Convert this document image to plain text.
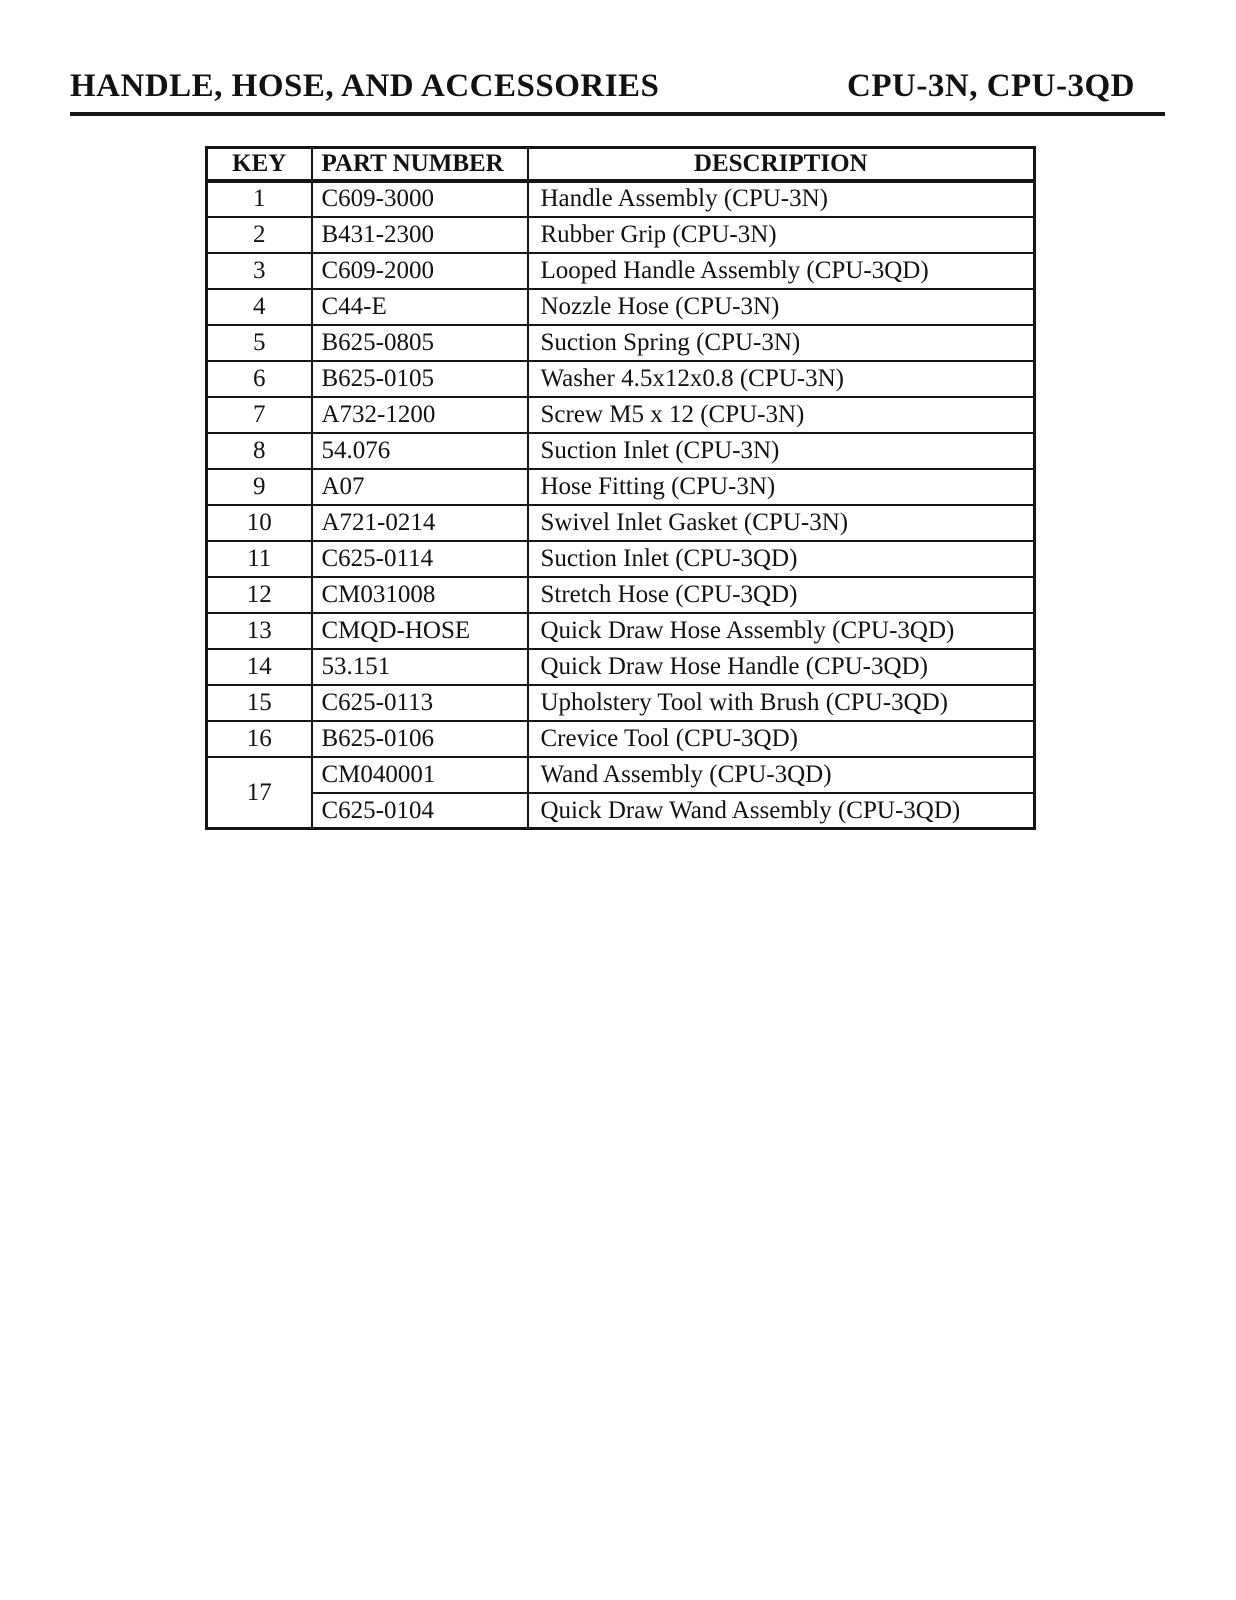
HANDLE, HOSE, AND ACCESSORIES	CPU-3N, CPU-3QD
KEY	PART NUMBER	DESCRIPTION
1	C609-3000	Handle Assembly (CPU-3N)
2	B431-2300	Rubber Grip (CPU-3N)
3	C609-2000	Looped Handle Assembly (CPU-3QD)
4	C44-E	Nozzle Hose (CPU-3N)
5	B625-0805	Suction Spring (CPU-3N)
6	B625-0105	Washer 4.5x12x0.8 (CPU-3N)
7	A732-1200	Screw M5 x 12 (CPU-3N)
8	54.076	Suction Inlet (CPU-3N)
9	A07	Hose Fitting (CPU-3N)
10	A721-0214	Swivel Inlet Gasket (CPU-3N)
11	C625-0114	Suction Inlet (CPU-3QD)
12	CM031008	Stretch Hose (CPU-3QD)
13	CMQD-HOSE	Quick Draw Hose Assembly (CPU-3QD)
14	53.151	Quick Draw Hose Handle (CPU-3QD)
15	C625-0113	Upholstery Tool with Brush (CPU-3QD)
16	B625-0106	Crevice Tool (CPU-3QD)
17	CM040001	Wand Assembly (CPU-3QD)
	C625-0104	Quick Draw Wand Assembly (CPU-3QD)
